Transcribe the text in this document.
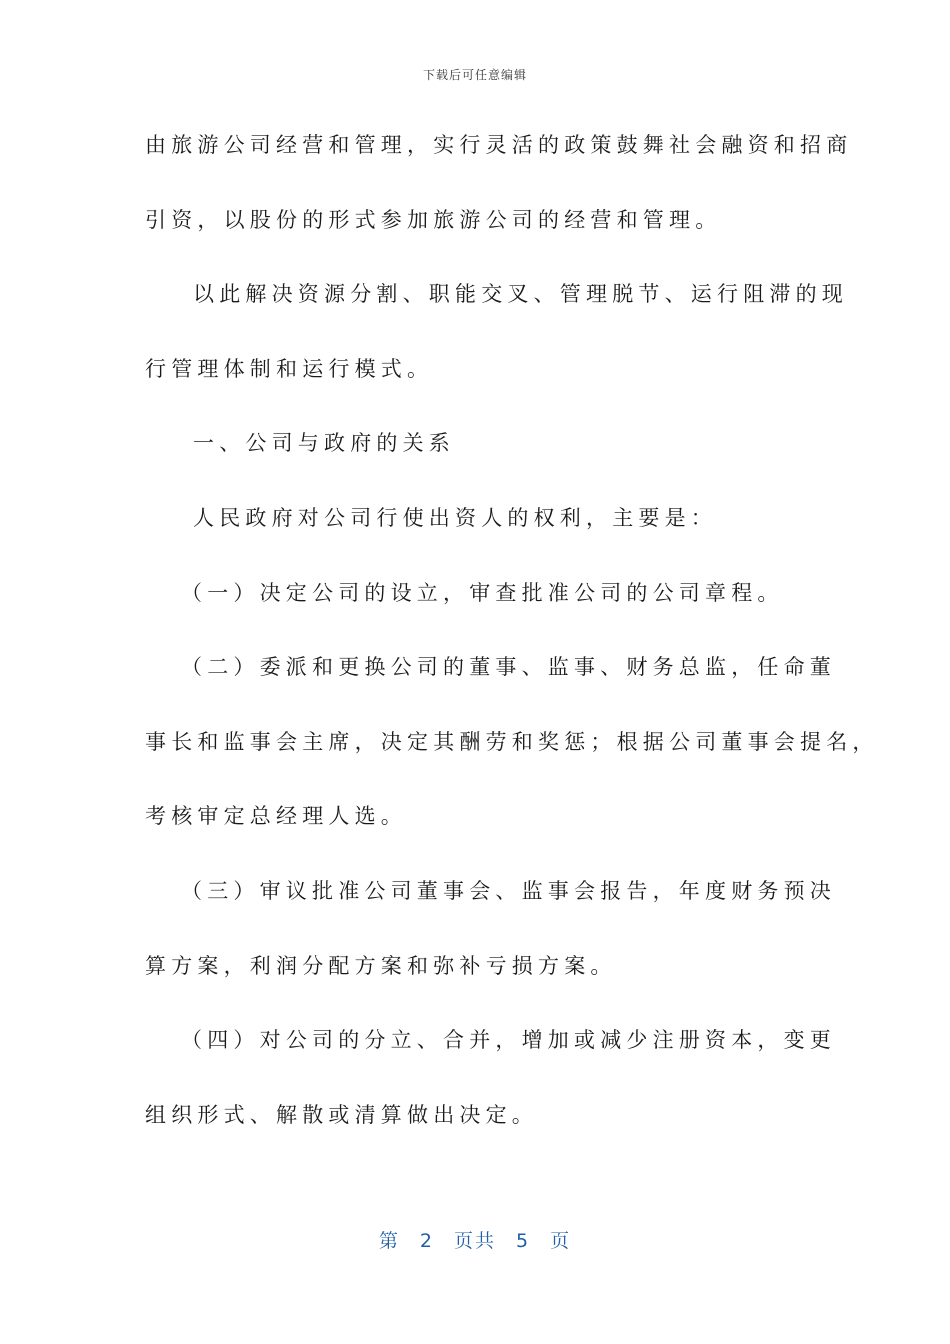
下载后可任意编辑
由旅游公司经营和管理，实行灵活的政策鼓舞社会融资和招商
引资，以股份的形式参加旅游公司的经营和管理。
以此解决资源分割、职能交叉、管理脱节、运行阻滞的现
行管理体制和运行模式。
一、公司与政府的关系
人民政府对公司行使出资人的权利，主要是：
（一）决定公司的设立，审查批准公司的公司章程。
（二）委派和更换公司的董事、监事、财务总监，任命董
事长和监事会主席，决定其酬劳和奖惩；根据公司董事会提名，
考核审定总经理人选。
（三）审议批准公司董事会、监事会报告，年度财务预决
算方案，利润分配方案和弥补亏损方案。
（四）对公司的分立、合并，增加或减少注册资本，变更
组织形式、解散或清算做出决定。
第 2 页共 5 页
